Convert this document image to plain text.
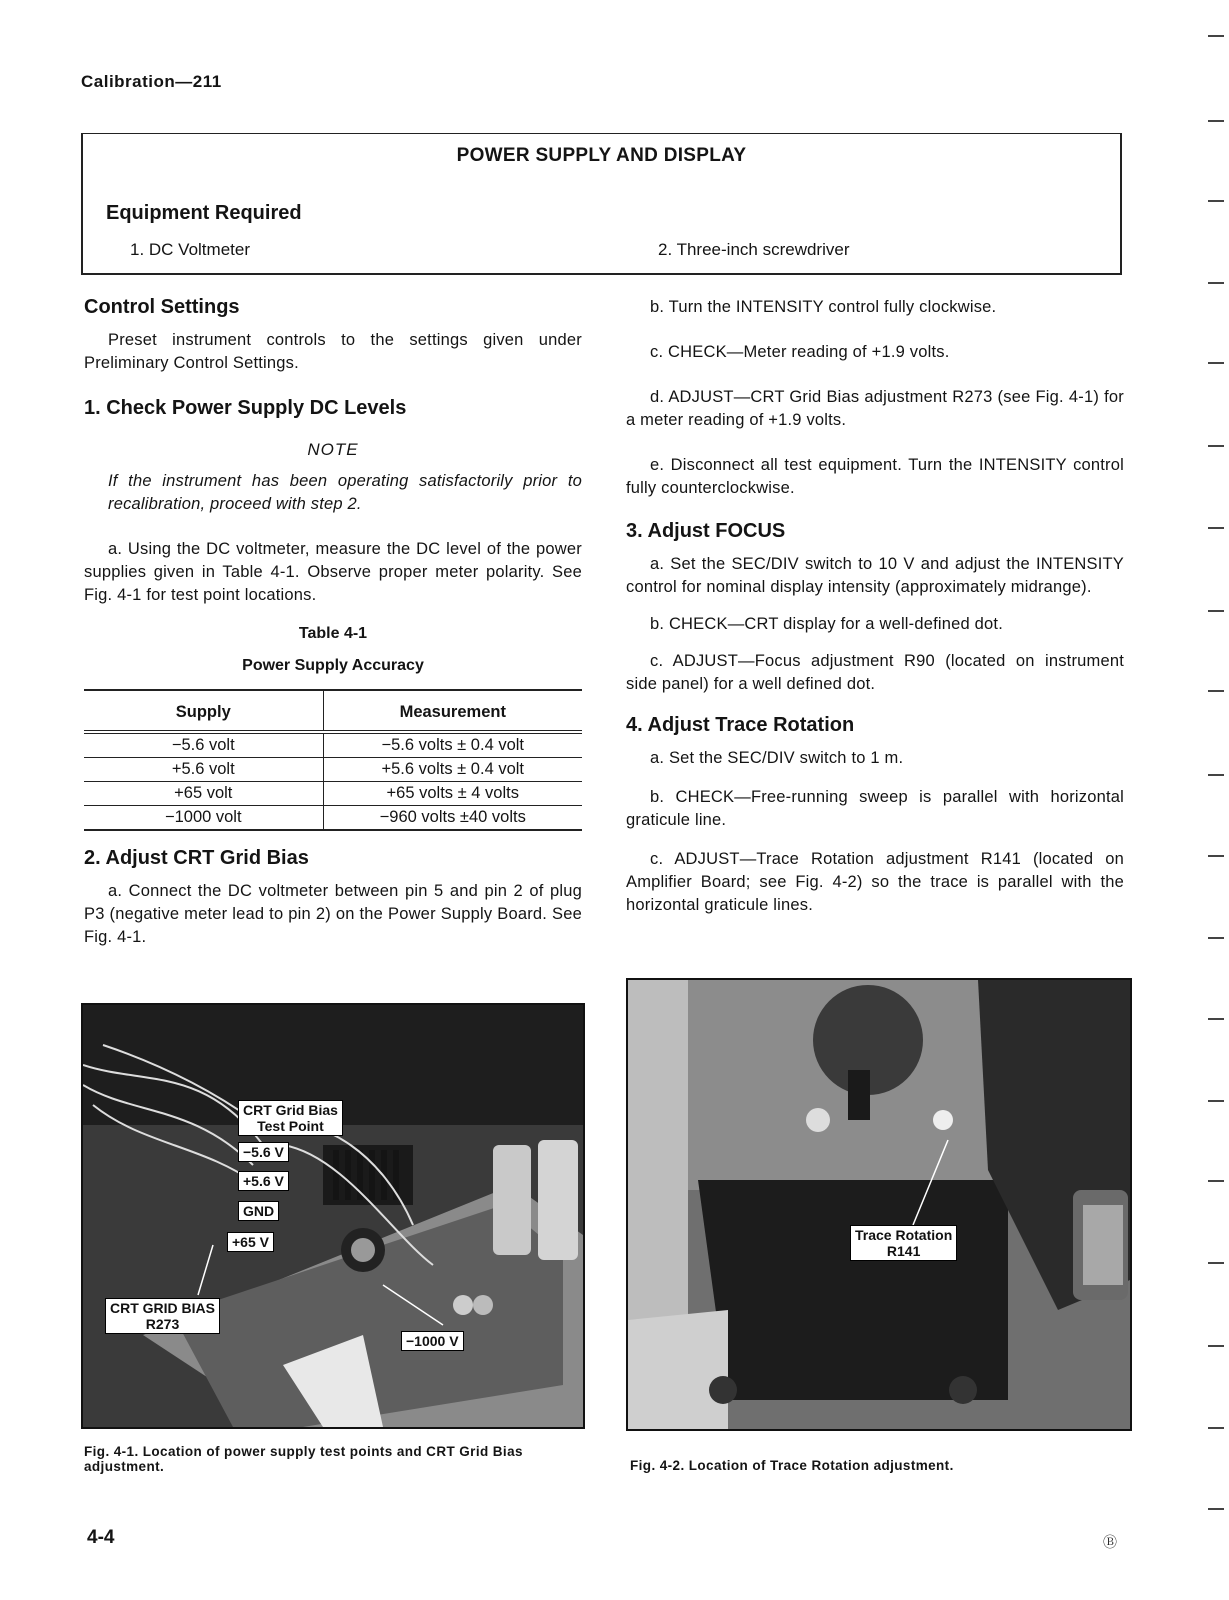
Calibration—211
POWER SUPPLY AND DISPLAY
Equipment Required
1. DC Voltmeter	2. Three-inch screwdriver
Control Settings

Preset instrument controls to the settings given under Preliminary Control Settings.

1. Check Power Supply DC Levels
NOTE

If the instrument has been operating satisfactorily prior to recalibration, proceed with step 2.

a. Using the DC voltmeter, measure the DC level of the power supplies given in Table 4-1. Observe proper meter polarity. See Fig. 4-1 for test point locations.

Table 4-1
Power Supply Accuracy
Supply	Measurement
−5.6 volt	−5.6 volts ± 0.4 volt
+5.6 volt	+5.6 volts ± 0.4 volt
+65 volt	+65 volts ± 4 volts
−1000 volt	−960 volts ±40 volts
2. Adjust CRT Grid Bias

a. Connect the DC voltmeter between pin 5 and pin 2 of plug P3 (negative meter lead to pin 2) on the Power Supply Board. See Fig. 4-1.

b. Turn the INTENSITY control fully clockwise.

c. CHECK—Meter reading of +1.9 volts.

d. ADJUST—CRT Grid Bias adjustment R273 (see Fig. 4-1) for a meter reading of +1.9 volts.

e. Disconnect all test equipment. Turn the INTENSITY control fully counterclockwise.

3. Adjust FOCUS

a. Set the SEC/DIV switch to 10 V and adjust the INTENSITY control for nominal display intensity (approximately midrange).

b. CHECK—CRT display for a well-defined dot.

c. ADJUST—Focus adjustment R90 (located on instrument side panel) for a well defined dot.

4. Adjust Trace Rotation

a. Set the SEC/DIV switch to 1 m.

b. CHECK—Free-running sweep is parallel with horizontal graticule line.

c. ADJUST—Trace Rotation adjustment R141 (located on Amplifier Board; see Fig. 4-2) so the trace is parallel with the horizontal graticule lines.

CRT Grid Bias
Test Point
−5.6 V
+5.6 V
GND
+65 V
CRT GRID BIAS
R273
−1000 V
Fig. 4-1. Location of power supply test points and CRT Grid Bias adjustment.
Trace Rotation
R141
Fig. 4-2. Location of Trace Rotation adjustment.
4-4	Ⓑ
